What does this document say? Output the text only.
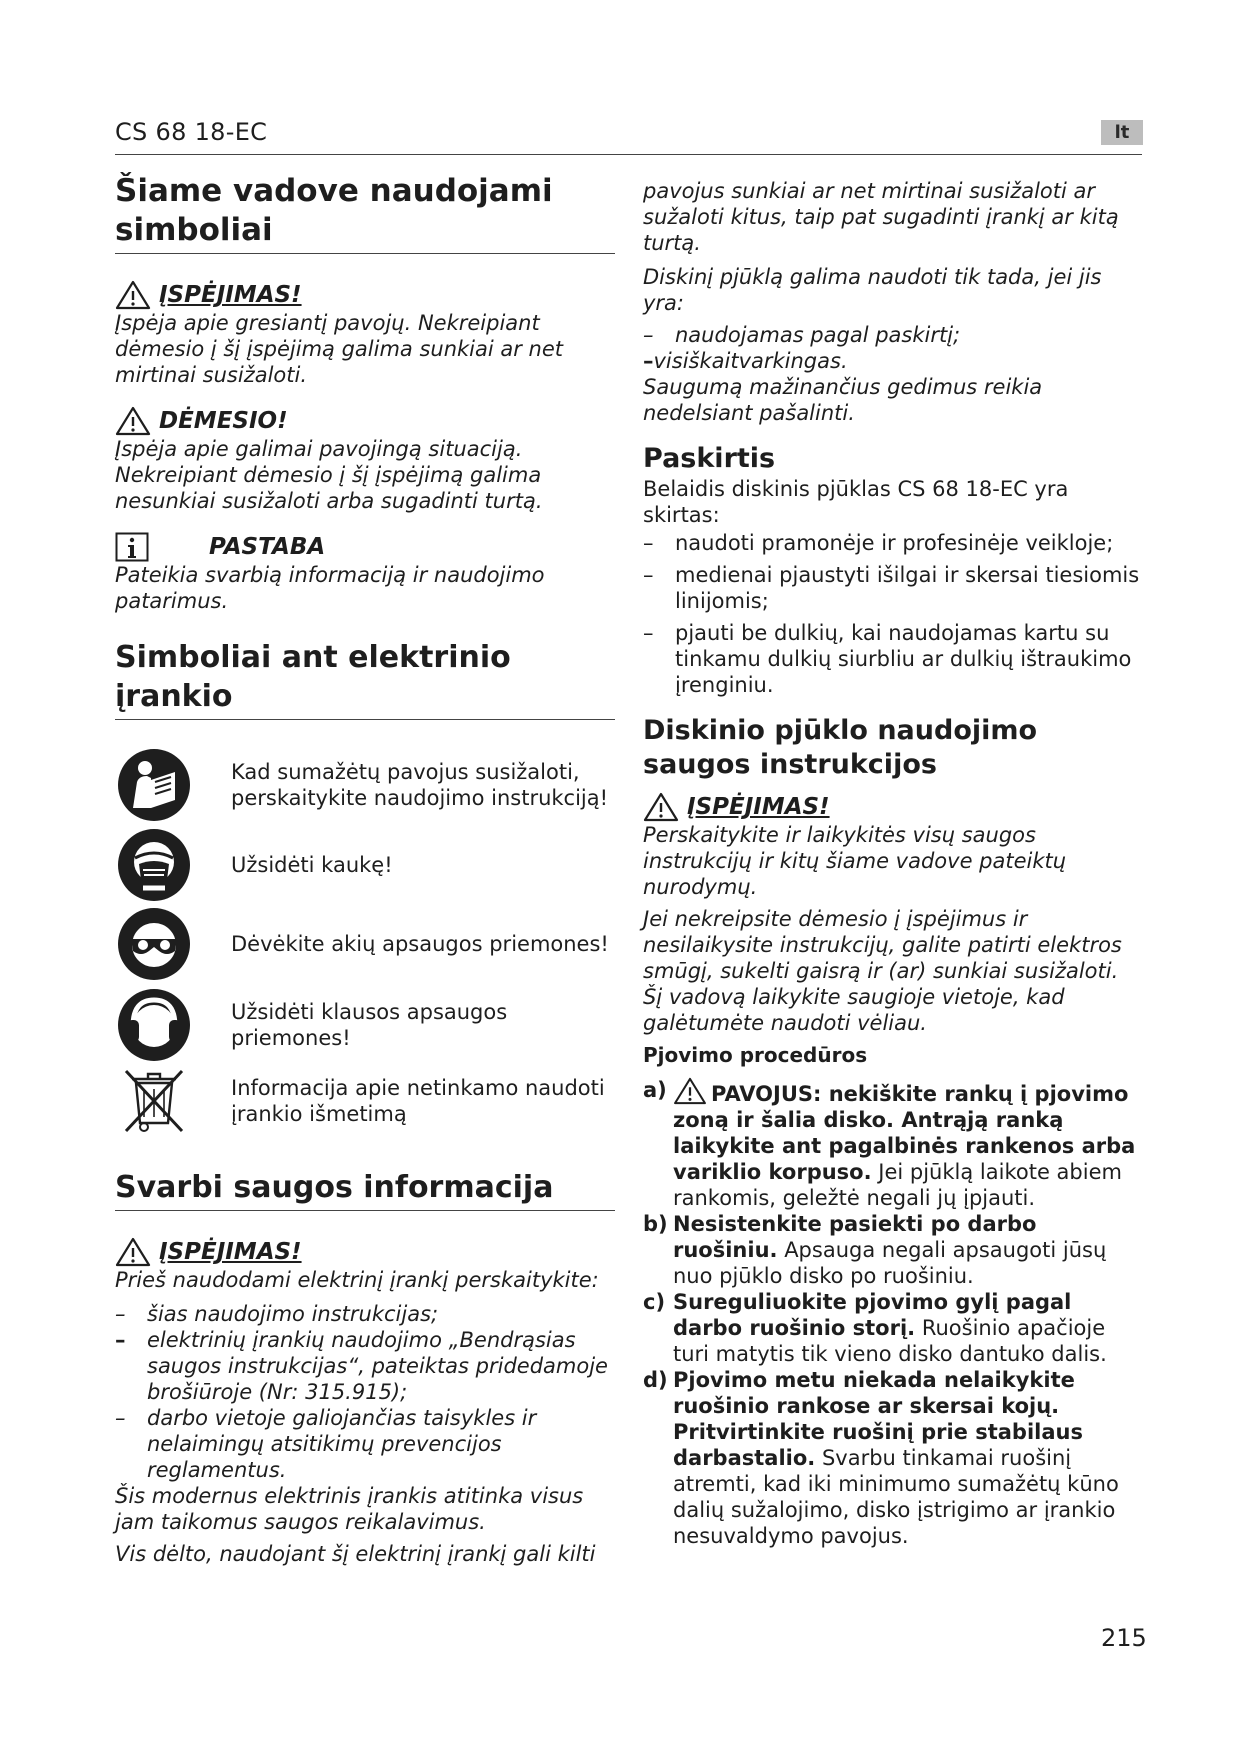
CS 68 18-EC	lt
Šiame vadove naudojami simboliai
ĮSPĖJIMAS!

Įspėja apie gresiantį pavojų. Nekreipiant dėmesio į šį įspėjimą galima sunkiai ar net mirtinai susižaloti.

DĖMESIO!

Įspėja apie galimai pavojingą situaciją. Nekreipiant dėmesio į šį įspėjimą galima nesunkiai susižaloti arba sugadinti turtą.

PASTABA

Pateikia svarbią informaciją ir naudojimo patarimus.

Simboliai ant elektrinio įrankio
Kad sumažėtų pavojus susižaloti, perskaitykite naudojimo instrukciją!
Užsidėti kaukę!
Dėvėkite akių apsaugos priemones!
Užsidėti klausos apsaugos priemones!
Informacija apie netinkamo naudoti įrankio išmetimą
Svarbi saugos informacija
ĮSPĖJIMAS!

Prieš naudodami elektrinį įrankį perskaitykite:

–	šias naudojimo instrukcijas;
–	elektrinių įrankių naudojimo „Bendrąsias saugos instrukcijas“, pateiktas pridedamoje brošiūroje (Nr: 315.915);
–	darbo vietoje galiojančias taisykles ir nelaimingų atsitikimų prevencijos reglamentus.

Šis modernus elektrinis įrankis atitinka visus jam taikomus saugos reikalavimus.

Vis dėlto, naudojant šį elektrinį įrankį gali kilti

pavojus sunkiai ar net mirtinai susižaloti ar sužaloti kitus, taip pat sugadinti įrankį ar kitą turtą.

Diskinį pjūklą galima naudoti tik tada, jei jis yra:

–	naudojamas pagal paskirtį;
– visiškaitvarkingas.

Saugumą mažinančius gedimus reikia nedelsiant pašalinti.

Paskirtis

Belaidis diskinis pjūklas CS 68 18-EC yra skirtas:

–	naudoti pramonėje ir profesinėje veikloje;
–	medienai pjaustyti išilgai ir skersai tiesiomis linijomis;
–	pjauti be dulkių, kai naudojamas kartu su tinkamu dulkių siurbliu ar dulkių ištraukimo įrenginiu.
Diskinio pjūklo naudojimo saugos instrukcijos
ĮSPĖJIMAS!

Perskaitykite ir laikykitės visų saugos instrukcijų ir kitų šiame vadove pateiktų nurodymų.

Jei nekreipsite dėmesio į įspėjimus ir nesilaikysite instrukcijų, galite patirti elektros smūgį, sukelti gaisrą ir (ar) sunkiai susižaloti.

Šį vadovą laikykite saugioje vietoje, kad galėtumėte naudoti vėliau.

Pjovimo procedūros
a)	PAVOJUS: nekiškite rankų į pjovimo zoną ir šalia disko. Antrąją ranką laikykite ant pagalbinės rankenos arba variklio korpuso. Jei pjūklą laikote abiem rankomis, geležtė negali jų įpjauti.
b) Nesistenkite pasiekti po darbo ruošiniu. Apsauga negali apsaugoti jūsų nuo pjūklo disko po ruošiniu.
c) Sureguliuokite pjovimo gylį pagal darbo ruošinio storį. Ruošinio apačioje turi matytis tik vieno disko dantuko dalis.
d) Pjovimo metu niekada nelaikykite ruošinio rankose ar skersai kojų. Pritvirtinkite ruošinį prie stabilaus darbastalio. Svarbu tinkamai ruošinį atremti, kad iki minimumo sumažėtų kūno dalių sužalojimo, disko įstrigimo ar įrankio nesuvaldymo pavojus.
215
